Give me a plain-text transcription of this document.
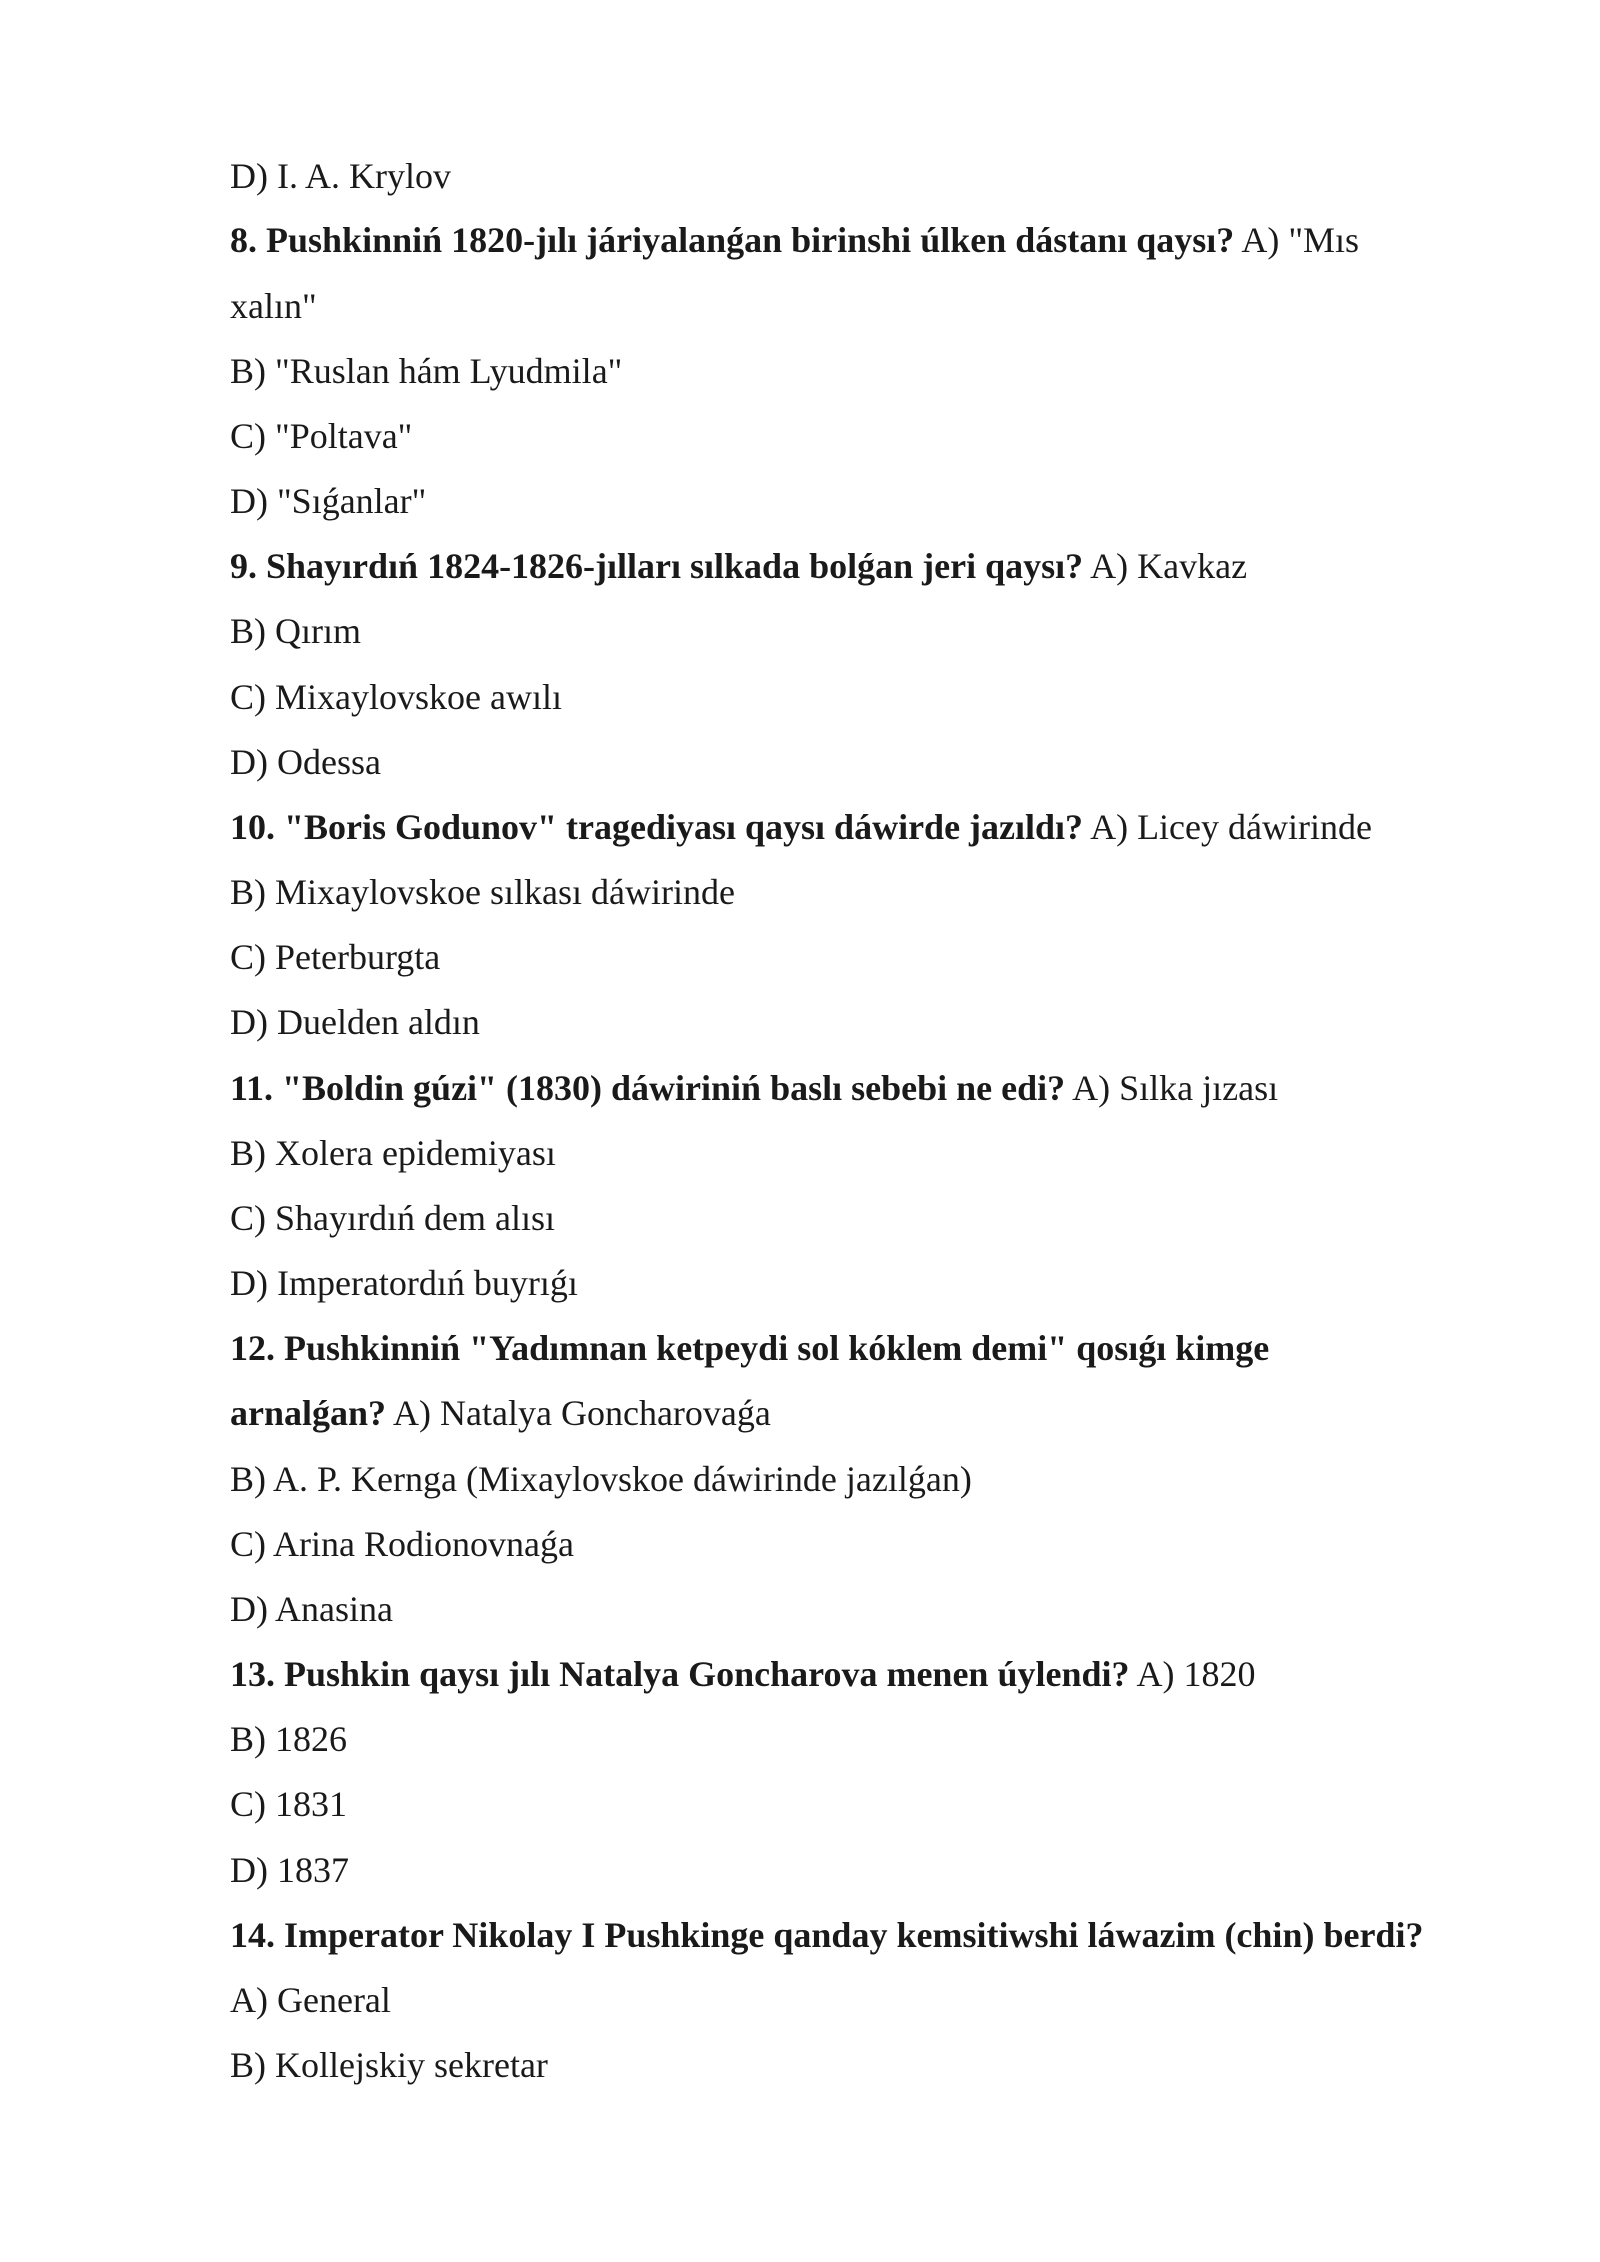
D) I. A. Krylov
8. Pushkinniń 1820-jılı járiyalanǵan birinshi úlken dástanı qaysı? A) "Mıs
xalın"
B) "Ruslan hám Lyudmila"
C) "Poltava"
D) "Sıǵanlar"
9. Shayırdıń 1824-1826-jılları sılkada bolǵan jeri qaysı? A) Kavkaz
B) Qırım
C) Mixaylovskoe awılı
D) Odessa
10. "Boris Godunov" tragediyası qaysı dáwirde jazıldı? A) Licey dáwirinde
B) Mixaylovskoe sılkası dáwirinde
C) Peterburgta
D) Duelden aldın
11. "Boldin gúzi" (1830) dáwiriniń baslı sebebi ne edi? A) Sılka jızası
B) Xolera epidemiyası
C) Shayırdıń dem alısı
D) Imperatordıń buyrıǵı
12. Pushkinniń "Yadımnan ketpeydi sol kóklem demi" qosıǵı kimge
arnalǵan? A) Natalya Goncharovaǵa
B) A. P. Kernga (Mixaylovskoe dáwirinde jazılǵan)
C) Arina Rodionovnaǵa
D) Anasina
13. Pushkin qaysı jılı Natalya Goncharova menen úylendi? A) 1820
B) 1826
C) 1831
D) 1837
14. Imperator Nikolay I Pushkinge qanday kemsitiwshi láwazim (chin) berdi?
A) General
B) Kollejskiy sekretar
